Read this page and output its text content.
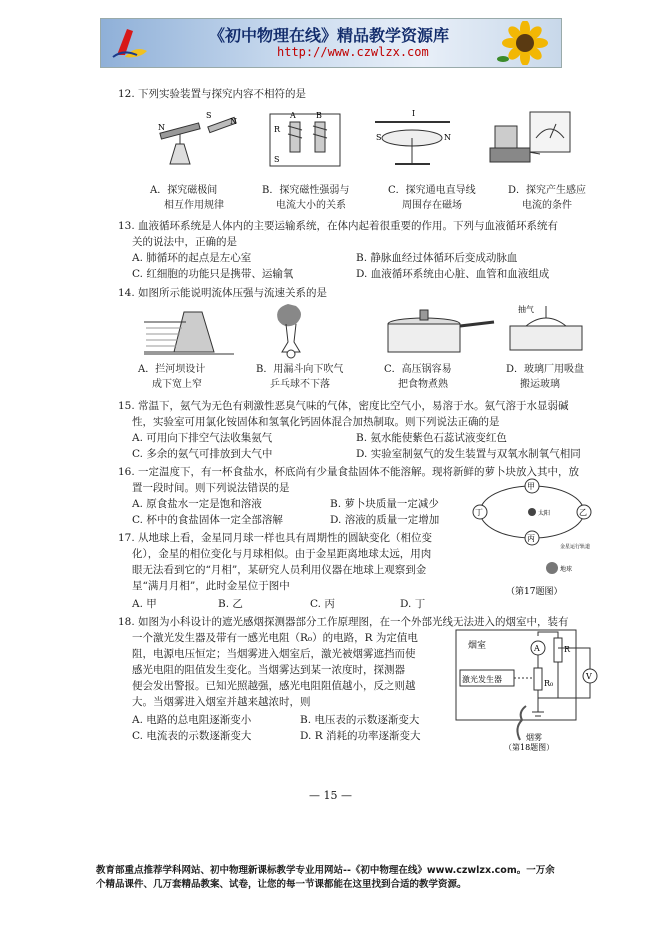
《初中物理在线》精品教学资源库
http://www.czwlzx.com
12. 下列实验装置与探究内容不相符的是
N
S
N
A	B
R
S
I
S	N
A．探究磁极间
相互作用规律
B．探究磁性强弱与
电流大小的关系
C．探究通电直导线
周围存在磁场
D．探究产生感应
电流的条件
13. 血液循环系统是人体内的主要运输系统，在体内起着很重要的作用。下列与血液循环系统有
关的说法中，正确的是
A. 肺循环的起点是左心室	B. 静脉血经过体循环后变成动脉血
C. 红细胞的功能只是携带、运输氧	D. 血液循环系统由心脏、血管和血液组成
14. 如图所示能说明流体压强与流速关系的是
抽气
A．拦河坝设计
成下宽上窄
B．用漏斗向下吹气
乒乓球不下落
C．高压锅容易
把食物煮熟
D．玻璃厂用吸盘
搬运玻璃
15. 常温下，氨气为无色有刺激性恶臭气味的气体，密度比空气小，易溶于水。氨气溶于水显弱碱
性，实验室可用氯化铵固体和氢氧化钙固体混合加热制取。则下列说法正确的是
A. 可用向下排空气法收集氨气	B. 氨水能使紫色石蕊试液变红色
C. 多余的氨气可排放到大气中	D. 实验室制氨气的发生装置与双氧水制氧气相同
16. 一定温度下，有一杯食盐水，杯底尚有少量食盐固体不能溶解。现将新鲜的萝卜块放入其中，放
置一段时间。则下列说法错误的是
A. 原食盐水一定是饱和溶液	B. 萝卜块质量一定减少
C. 杯中的食盐固体一定全部溶解	D. 溶液的质量一定增加
17. 从地球上看，金星同月球一样也具有周期性的圆缺变化（相位变
化），金星的相位变化与月球相似。由于金星距离地球太远，用肉
眼无法看到它的“月相”，某研究人员利用仪器在地球上观察到金
星“满月月相”，此时金星位于图中
A. 甲	B. 乙	C. 丙	D. 丁
太阳
甲
乙
丙
丁
金星运行轨道
地球
（第17题图）
18. 如图为小科设计的遮光感烟探测器部分工作原理图，在一个外部光线无法进入的烟室中，装有
一个激光发生器及带有一感光电阻（R₀）的电路，R 为定值电
阻，电源电压恒定；当烟雾进入烟室后，激光被烟雾遮挡而使
感光电阻的阻值发生变化。当烟雾达到某一浓度时，探测器
便会发出警报。已知光照越强，感光电阻阻值越小，反之则越
大。当烟雾进入烟室并越来越浓时，则
A. 电路的总电阻逐渐变小	B. 电压表的示数逐渐变大
C. 电流表的示数逐渐变大	D. R 消耗的功率逐渐变大
烟室
激光发生器	R₀
R
A
V
烟雾
（第18题图）
— 15 —
教育部重点推荐学科网站、初中物理新课标教学专业用网站--《初中物理在线》www.czwlzx.com。一万余
个精品课件、几万套精品教案、试卷，让您的每一节课都能在这里找到合适的教学资源。
